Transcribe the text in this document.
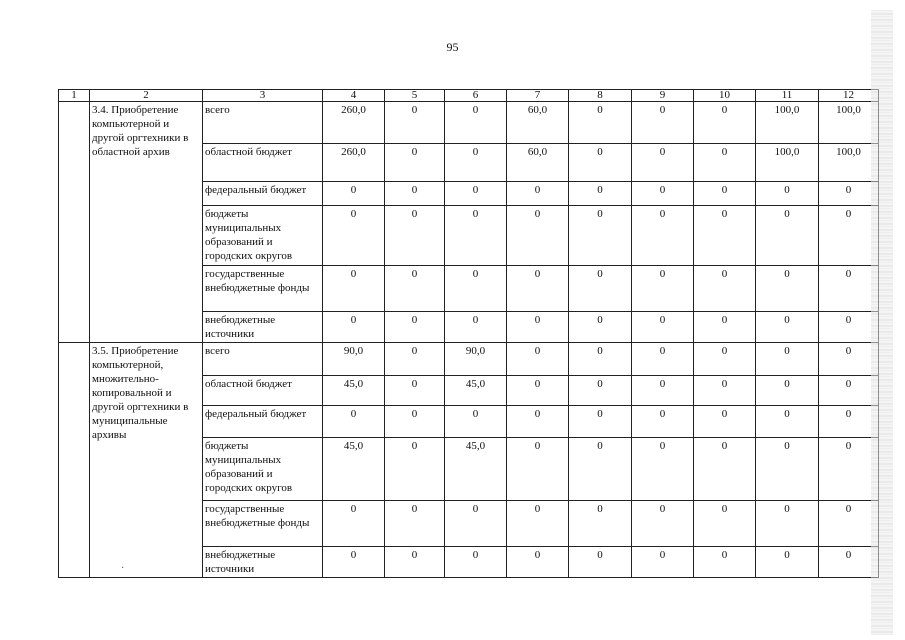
95
1	2	3	4	5	6	7	8	9	10	11	12
	3.4. Приобретение компьютерной и другой оргтехники в областной архив	всего	260,0	0	0	60,0	0	0	0	100,0	100,0
		областной бюджет	260,0	0	0	60,0	0	0	0	100,0	100,0
		федеральный бюджет	0	0	0	0	0	0	0	0	0
		бюджеты муниципальных образований и городских округов	0	0	0	0	0	0	0	0	0
		государственные внебюджетные фонды	0	0	0	0	0	0	0	0	0
		внебюджетные источники	0	0	0	0	0	0	0	0	0
	3.5. Приобретение компьютерной, множительно-копировальной и другой оргтехники в муниципальные архивы	всего	90,0	0	90,0	0	0	0	0	0	0
		областной бюджет	45,0	0	45,0	0	0	0	0	0	0
		федеральный бюджет	0	0	0	0	0	0	0	0	0
		бюджеты муниципальных образований и городских округов	45,0	0	45,0	0	0	0	0	0	0
		государственные внебюджетные фонды	0	0	0	0	0	0	0	0	0
		внебюджетные источники	0	0	0	0	0	0	0	0	0
·
